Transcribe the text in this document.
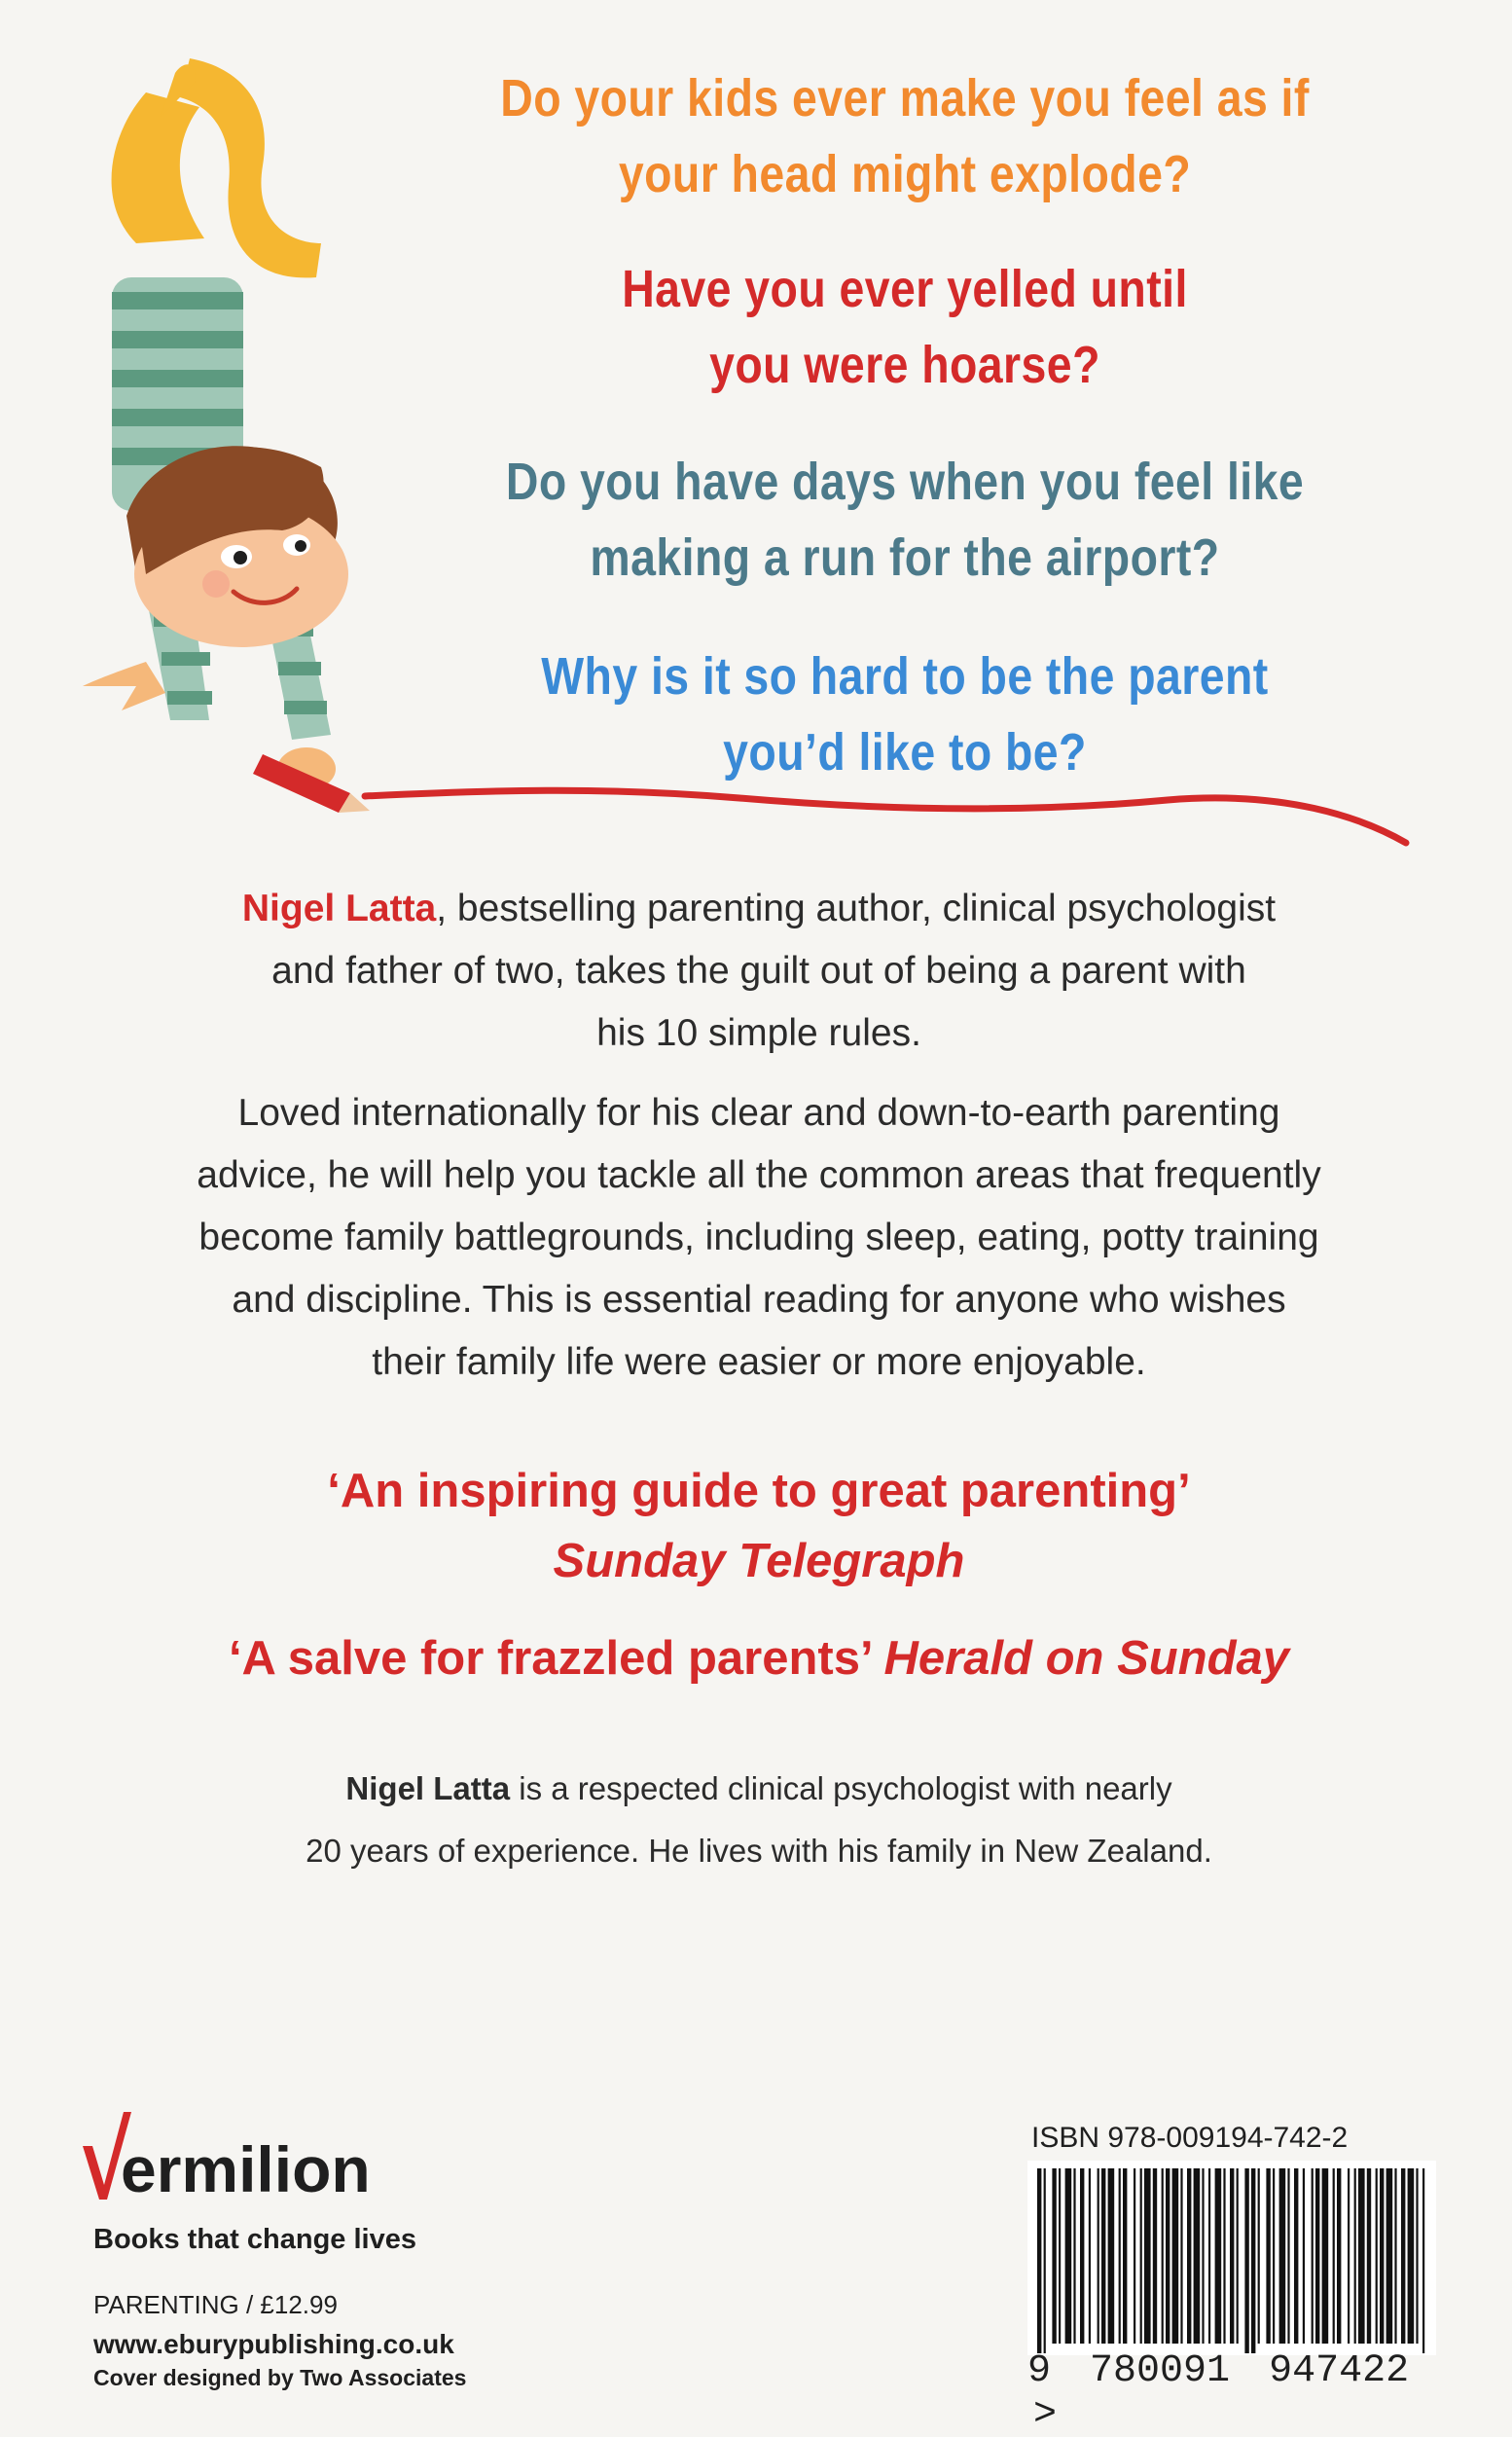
Do your kids ever make you feel as if
your head might explode?
Have you ever yelled until
you were hoarse?
Do you have days when you feel like
making a run for the airport?
Why is it so hard to be the parent
you’d like to be?
Nigel Latta, bestselling parenting author, clinical psychologist
and father of two, takes the guilt out of being a parent with
his 10 simple rules.
Loved internationally for his clear and down-to-earth parenting
advice, he will help you tackle all the common areas that frequently
become family battlegrounds, including sleep, eating, potty training
and discipline. This is essential reading for anyone who wishes
their family life were easier or more enjoyable.
‘An inspiring guide to great parenting’
Sunday Telegraph
‘A salve for frazzled parents’ Herald on Sunday
Nigel Latta is a respected clinical psychologist with nearly
20 years of experience. He lives with his family in New Zealand.
ermilion
Books that change lives
PARENTING / £12.99
www.eburypublishing.co.uk
Cover designed by Two Associates
ISBN 978-009194-742-2
9 780091 947422 >
